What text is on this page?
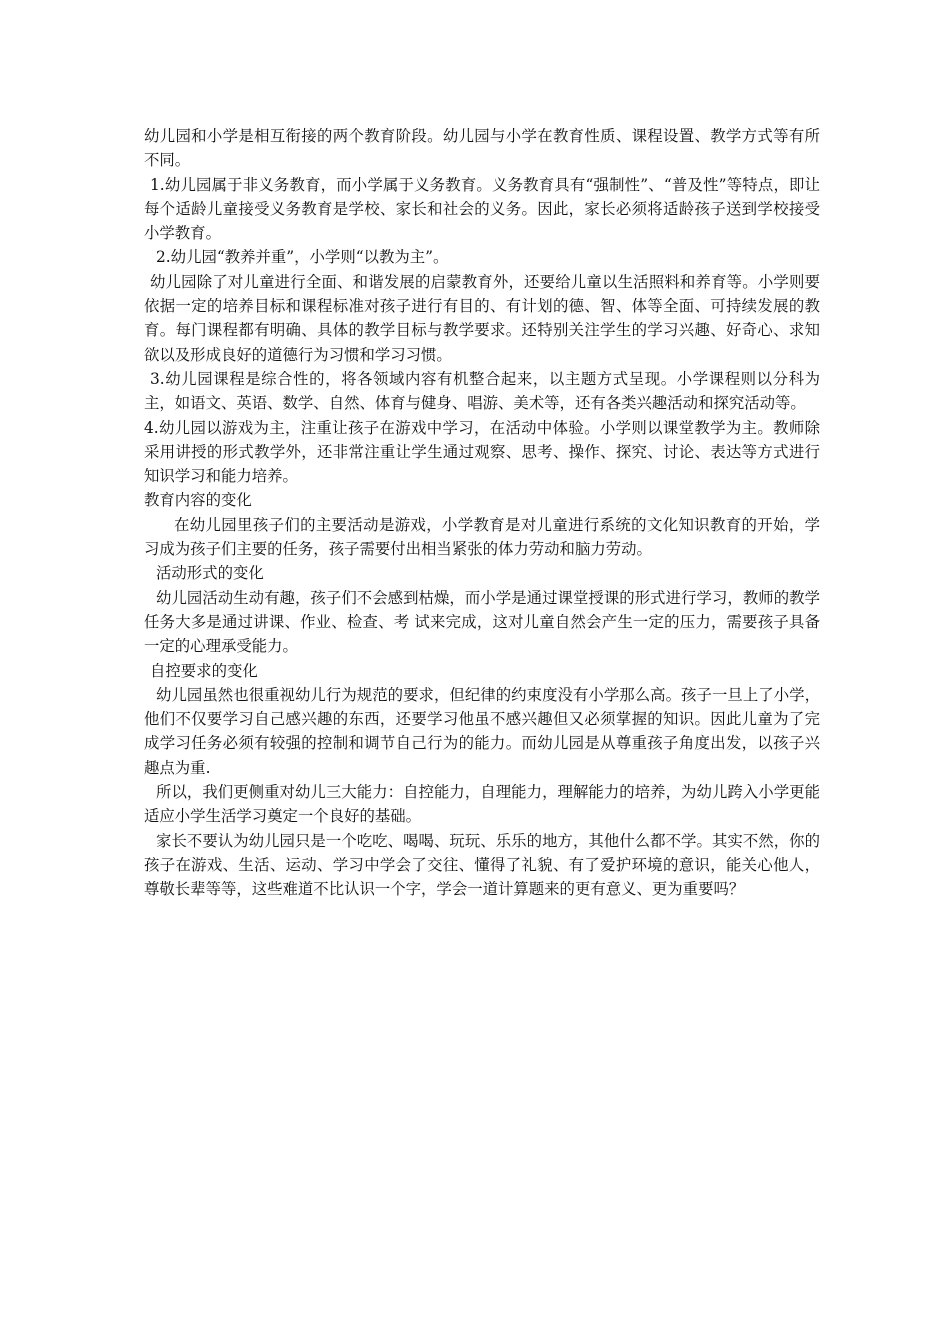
幼儿园和小学是相互衔接的两个教育阶段。幼儿园与小学在教育性质、课程设置、教学方式等有所不同。

1.幼儿园属于非义务教育，而小学属于义务教育。义务教育具有“强制性”、“普及性”等特点，即让每个适龄儿童接受义务教育是学校、家长和社会的义务。因此，家长必须将适龄孩子送到学校接受小学教育。

2.幼儿园“教养并重”，小学则“以教为主”。

幼儿园除了对儿童进行全面、和谐发展的启蒙教育外，还要给儿童以生活照料和养育等。小学则要依据一定的培养目标和课程标准对孩子进行有目的、有计划的德、智、体等全面、可持续发展的教育。每门课程都有明确、具体的教学目标与教学要求。还特别关注学生的学习兴趣、好奇心、求知欲以及形成良好的道德行为习惯和学习习惯。

3.幼儿园课程是综合性的，将各领域内容有机整合起来，以主题方式呈现。小学课程则以分科为主，如语文、英语、数学、自然、体育与健身、唱游、美术等，还有各类兴趣活动和探究活动等。

4.幼儿园以游戏为主，注重让孩子在游戏中学习，在活动中体验。小学则以课堂教学为主。教师除采用讲授的形式教学外，还非常注重让学生通过观察、思考、操作、探究、讨论、表达等方式进行知识学习和能力培养。

教育内容的变化

在幼儿园里孩子们的主要活动是游戏，小学教育是对儿童进行系统的文化知识教育的开始，学习成为孩子们主要的任务，孩子需要付出相当紧张的体力劳动和脑力劳动。

活动形式的变化

幼儿园活动生动有趣，孩子们不会感到枯燥，而小学是通过课堂授课的形式进行学习，教师的教学任务大多是通过讲课、作业、检查、考 试来完成，这对儿童自然会产生一定的压力，需要孩子具备一定的心理承受能力。

自控要求的变化

幼儿园虽然也很重视幼儿行为规范的要求，但纪律的约束度没有小学那么高。孩子一旦上了小学，他们不仅要学习自己感兴趣的东西，还要学习他虽不感兴趣但又必须掌握的知识。因此儿童为了完成学习任务必须有较强的控制和调节自己行为的能力。而幼儿园是从尊重孩子角度出发，以孩子兴趣点为重.

所以，我们更侧重对幼儿三大能力：自控能力，自理能力，理解能力的培养，为幼儿跨入小学更能适应小学生活学习奠定一个良好的基础。

家长不要认为幼儿园只是一个吃吃、喝喝、玩玩、乐乐的地方，其他什么都不学。其实不然，你的孩子在游戏、生活、运动、学习中学会了交往、懂得了礼貌、有了爱护环境的意识，能关心他人，尊敬长辈等等，这些难道不比认识一个字，学会一道计算题来的更有意义、更为重要吗？
